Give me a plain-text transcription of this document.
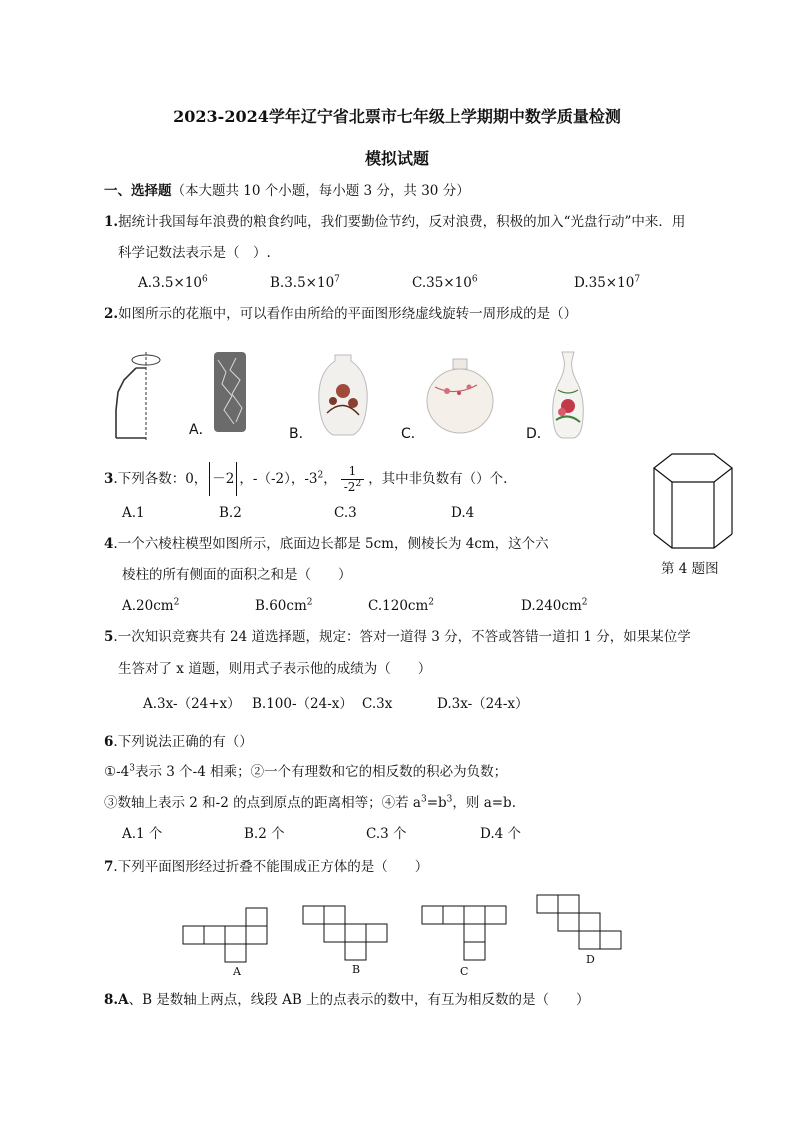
2023-2024学年辽宁省北票市七年级上学期期中数学质量检测
模拟试题
一、选择题（本大题共 10 个小题，每小题 3 分，共 30 分）
1.据统计我国每年浪费的粮食约吨，我们要勤俭节约，反对浪费，积极的加入“光盘行动”中来．用
科学记数法表示是（　）.
$A.3.5\times 10^6$	$B.3.5\times 10^7$	$C.35\times 10^6$	$D.35\times 10^7$
2.如图所示的花瓶中，可以看作由所给的平面图形绕虚线旋转一周形成的是（）
A．	B．	C．	D．
3.下列各数：0， －2 ，-（-2），$-3^2$， $\frac{1}{-2^2}$ ，其中非负数有（）个.
A.1	B.2	C.3	D.4
第 4 题图
4.一个六棱柱模型如图所示，底面边长都是 5cm，侧棱长为 4cm，这个六
棱柱的所有侧面的面积之和是（　　）
$A.20cm^2$	$B.60cm^2$	$C.120cm^2$	$D.240cm^2$
5.一次知识竞赛共有 24 道选择题，规定：答对一道得 3 分，不答或答错一道扣 1 分，如果某位学
生答对了 x 道题，则用式子表示他的成绩为（　　）
A.3x-（24+x） B.100-（24-x） C.3x	D.3x-（24-x）
6.下列说法正确的有（）
$①-4^3$表示 3 个-4 相乘；②一个有理数和它的相反数的积必为负数；
③数轴上表示 2 和-2 的点到原点的距离相等；④若 $a^3=b^3$，则 a=b.
A.1 个	B.2 个	C.3 个	D.4 个
7.下列平面图形经过折叠不能围成正方体的是（　　）
A	B	C
D
8.A、B 是数轴上两点，线段 AB 上的点表示的数中，有互为相反数的是（　　）
